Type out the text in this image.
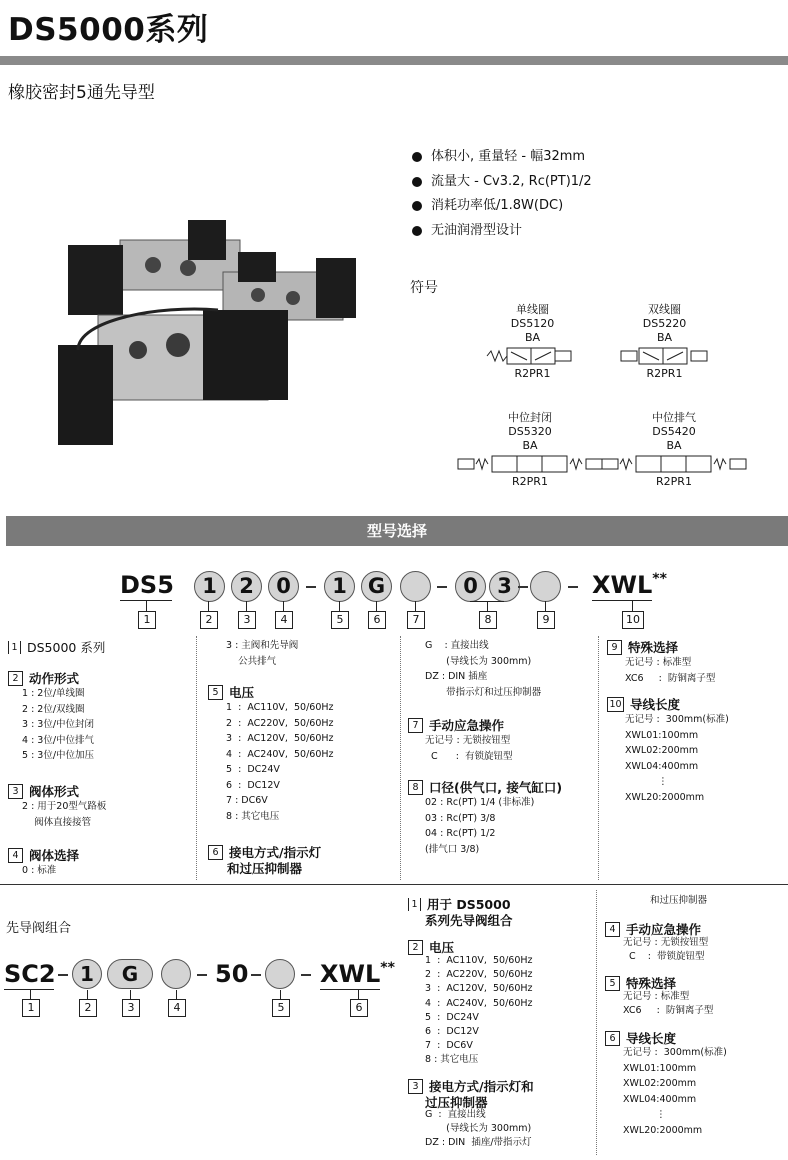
DS5000系列
橡胶密封5通先导型
体积小, 重量轻 - 幅32mm
流量大 - Cv3.2, Rc(PT)1/2
消耗功率低/1.8W(DC)
无油润滑型设计
符号
单线圈
DS5120
BA
R2PR1
双线圈
DS5220
BA
R2PR1
中位封闭
DS5320
BA
R2PR1
中位排气
DS5420
BA
R2PR1
型号选择
DS5	1	2	0	1	G	0 3	XWL**
1	2	3	4	5	6	7	8	9	10
1 DS5000 系列
2 动作形式
1 : 2位/单线圈
2 : 2位/双线圈
3 : 3位/中位封闭
4 : 3位/中位排气
5 : 3位/中位加压
3 阀体形式
2 : 用于20型气路板
阀体直接接管
4 阀体选择
0 : 标准
3 : 主阀和先导阀
公共排气
5 电压
1  :  AC110V,  50/60Hz
2  :  AC220V,  50/60Hz
3  :  AC120V,  50/60Hz
4  :  AC240V,  50/60Hz
5  :  DC24V
6  :  DC12V
7 : DC6V
8 : 其它电压
6 接电方式/指示灯
和过压抑制器
G    : 直接出线
(导线长为 300mm)
DZ : DIN 插座
带指示灯和过压抑制器
7 手动应急操作
无记号 : 无锁按钮型
C      :  有锁旋钮型
8 口径(供气口, 接气缸口)
02 : Rc(PT) 1/4 (非标准)
03 : Rc(PT) 3/8
04 : Rc(PT) 1/2
(排气口 3/8)
9 特殊选择
无记号 : 标准型
XC6     :  防铜离子型
10 导线长度
无记号 :  300mm(标准)
XWL01:100mm
XWL02:200mm
XWL04:400mm
⋮
XWL20:2000mm
先导阀组合
SC2	1	G	50	XWL**
1	2	3	4	5	6
1 用于 DS5000
系列先导阀组合
2 电压
1  :  AC110V,  50/60Hz
2  :  AC220V,  50/60Hz
3  :  AC120V,  50/60Hz
4  :  AC240V,  50/60Hz
5  :  DC24V
6  :  DC12V
7  :  DC6V
8 : 其它电压
3 接电方式/指示灯和
过压抑制器
G  :  直接出线
(导线长为 300mm)
DZ : DIN  插座/带指示灯
和过压抑制器
4 手动应急操作
无记号 : 无锁按钮型
C    :  带锁旋钮型
5 特殊选择
无记号 : 标准型
XC6     :  防铜离子型
6 导线长度
无记号 :  300mm(标准)
XWL01:100mm
XWL02:200mm
XWL04:400mm
⋮
XWL20:2000mm
